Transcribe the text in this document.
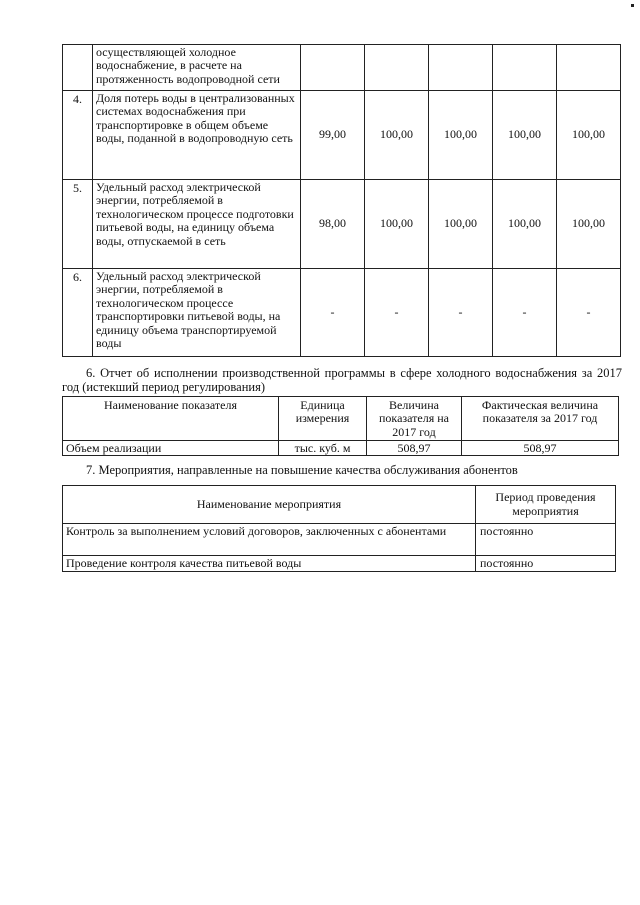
	осуществляющей холодное водоснабжение, в расчете на протяженность водопроводной сети					
4.	Доля потерь воды в централизованных системах водоснабжения при транспортировке в общем объеме воды, поданной в водопроводную сеть	99,00	100,00	100,00	100,00	100,00
5.	Удельный расход электрической энергии, потребляемой в технологическом процессе подготовки питьевой воды, на единицу объема воды, отпускаемой в сеть	98,00	100,00	100,00	100,00	100,00
6.	Удельный расход электрической энергии, потребляемой в технологическом процессе транспортировки питьевой воды, на единицу объема транспортируемой воды	-	-	-	-	-
6. Отчет об исполнении производственной программы в сфере холодного водоснабжения за 2017 год (истекший период регулирования)
Наименование показателя	Единица измерения	Величина показателя на 2017 год	Фактическая величина показателя за 2017 год
Объем реализации	тыс. куб. м	508,97	508,97
7. Мероприятия, направленные на повышение качества обслуживания абонентов
Наименование мероприятия	Период проведения мероприятия
Контроль за выполнением условий договоров, заключенных с абонентами	постоянно
Проведение контроля качества питьевой воды	постоянно
